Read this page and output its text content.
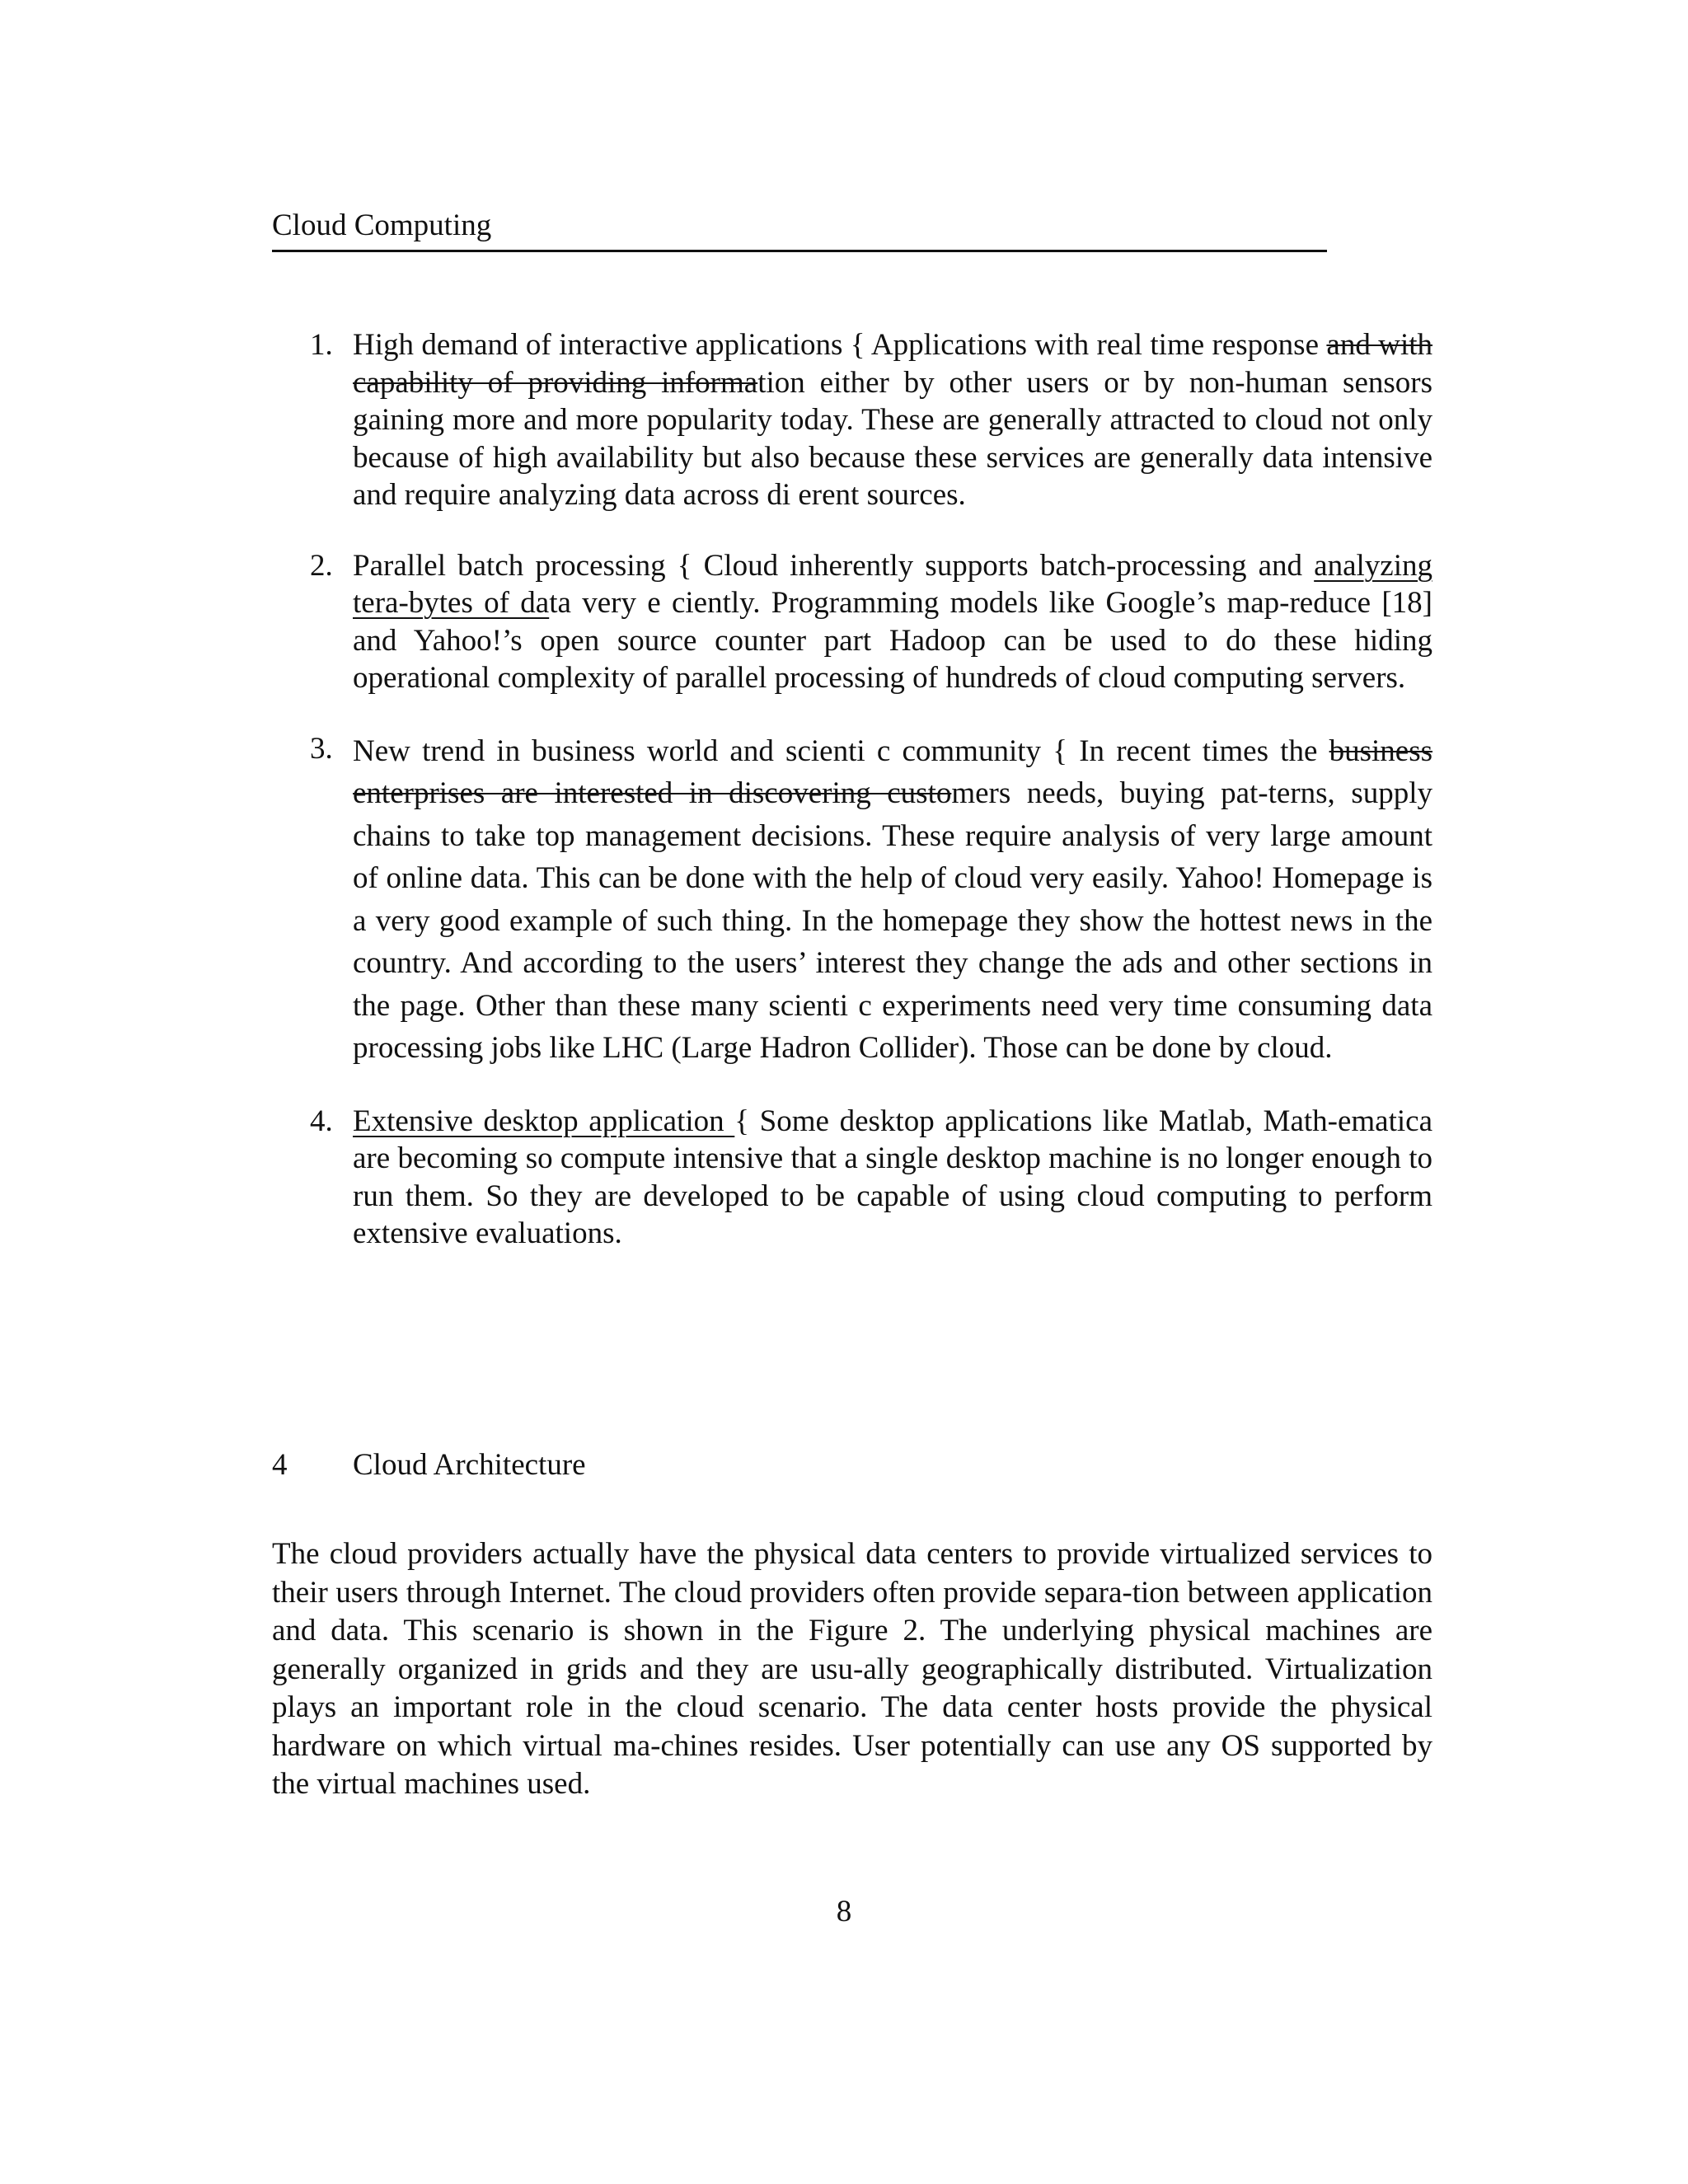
Cloud Computing
1. High demand of interactive applications { Applications with real time response and with capability of providing information either by other users or by non-human sensors gaining more and more popularity today. These are generally attracted to cloud not only because of high availability but also because these services are generally data intensive and require analyzing data across di erent sources.

2. Parallel batch processing { Cloud inherently supports batch-processing and analyzing tera-bytes of data very e ciently. Programming models like Google’s map-reduce [18] and Yahoo!’s open source counter part Hadoop can be used to do these hiding operational complexity of parallel processing of hundreds of cloud computing servers.

3. New trend in business world and scienti c community { In recent times the business enterprises are interested in discovering customers needs, buying pat-terns, supply chains to take top management decisions. These require analysis of very large amount of online data. This can be done with the help of cloud very easily. Yahoo! Homepage is a very good example of such thing. In the homepage they show the hottest news in the country. And according to the users’ interest they change the ads and other sections in the page. Other than these many scienti c experiments need very time consuming data processing jobs like LHC (Large Hadron Collider). Those can be done by cloud.

4. Extensive desktop application { Some desktop applications like Matlab, Math-ematica are becoming so compute intensive that a single desktop machine is no longer enough to run them. So they are developed to be capable of using cloud computing to perform extensive evaluations.

4 Cloud Architecture

The cloud providers actually have the physical data centers to provide virtualized services to their users through Internet. The cloud providers often provide separa-tion between application and data. This scenario is shown in the Figure 2. The underlying physical machines are generally organized in grids and they are usu-ally geographically distributed. Virtualization plays an important role in the cloud scenario. The data center hosts provide the physical hardware on which virtual ma-chines resides. User potentially can use any OS supported by the virtual machines used.

8
